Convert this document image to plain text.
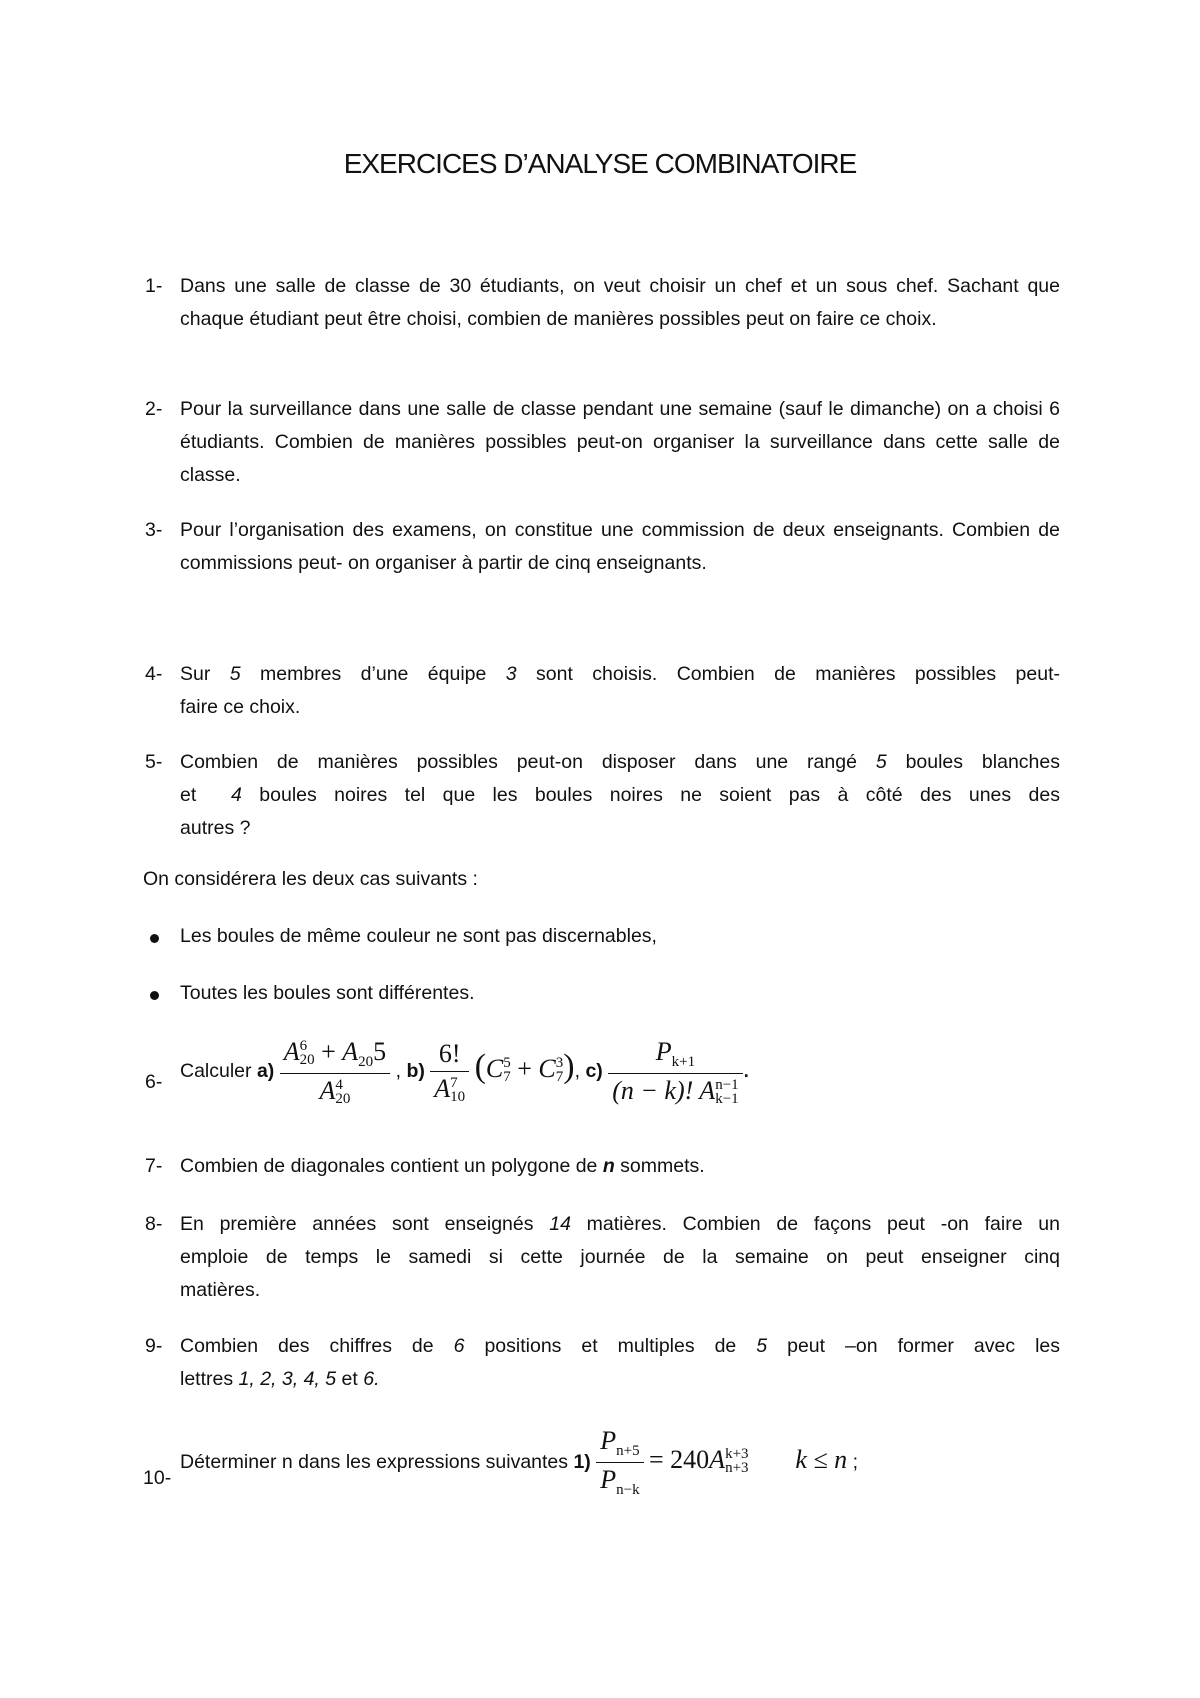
EXERCICES D’ANALYSE COMBINATOIRE
1- Dans une salle de classe de 30 étudiants, on veut choisir un chef et un sous chef. Sachant que chaque étudiant peut être choisi, combien de manières possibles peut on faire ce choix.
2- Pour la surveillance dans une salle de classe pendant une semaine (sauf le dimanche) on a choisi 6 étudiants. Combien de manières possibles peut-on organiser la surveillance dans cette salle de classe.
3- Pour l’organisation des examens, on constitue une commission de deux enseignants. Combien de commissions peut- on organiser à partir de cinq enseignants.
4- Sur 5 membres d’une équipe 3 sont choisis. Combien de manières possibles peut-
faire ce choix.
5- Combien de manières possibles peut-on disposer dans une rangé 5 boules blanches
et  4 boules noires tel que les boules noires ne soient pas à côté des unes des
autres ?
On considérera les deux cas suivants :
Les boules de même couleur ne sont pas discernables,
Toutes les boules sont différentes.
6-
Calculer a) A 6
$20 + A_{20}5$
A 4
20 , b) 6!
A 7
10 (C 5
7 + C 3
7 ), c) $P_{k+1}$
(n − k)! A n−1
k−1 .
7- Combien de diagonales contient un polygone de n sommets.
8- En première années sont enseignés 14 matières. Combien de façons peut -on faire un
emploie de temps le samedi si cette journée de la semaine on peut enseigner cinq
matières.
9- Combien des chiffres de 6 positions et multiples de 5 peut –on former avec les
lettres 1, 2, 3, 4, 5 et 6.
10-
Déterminer n dans les expressions suivantes $1) \frac{P_{n+5}}{P_{n-k}} = 240A$ k+3
n+3 k ≤ n ;
